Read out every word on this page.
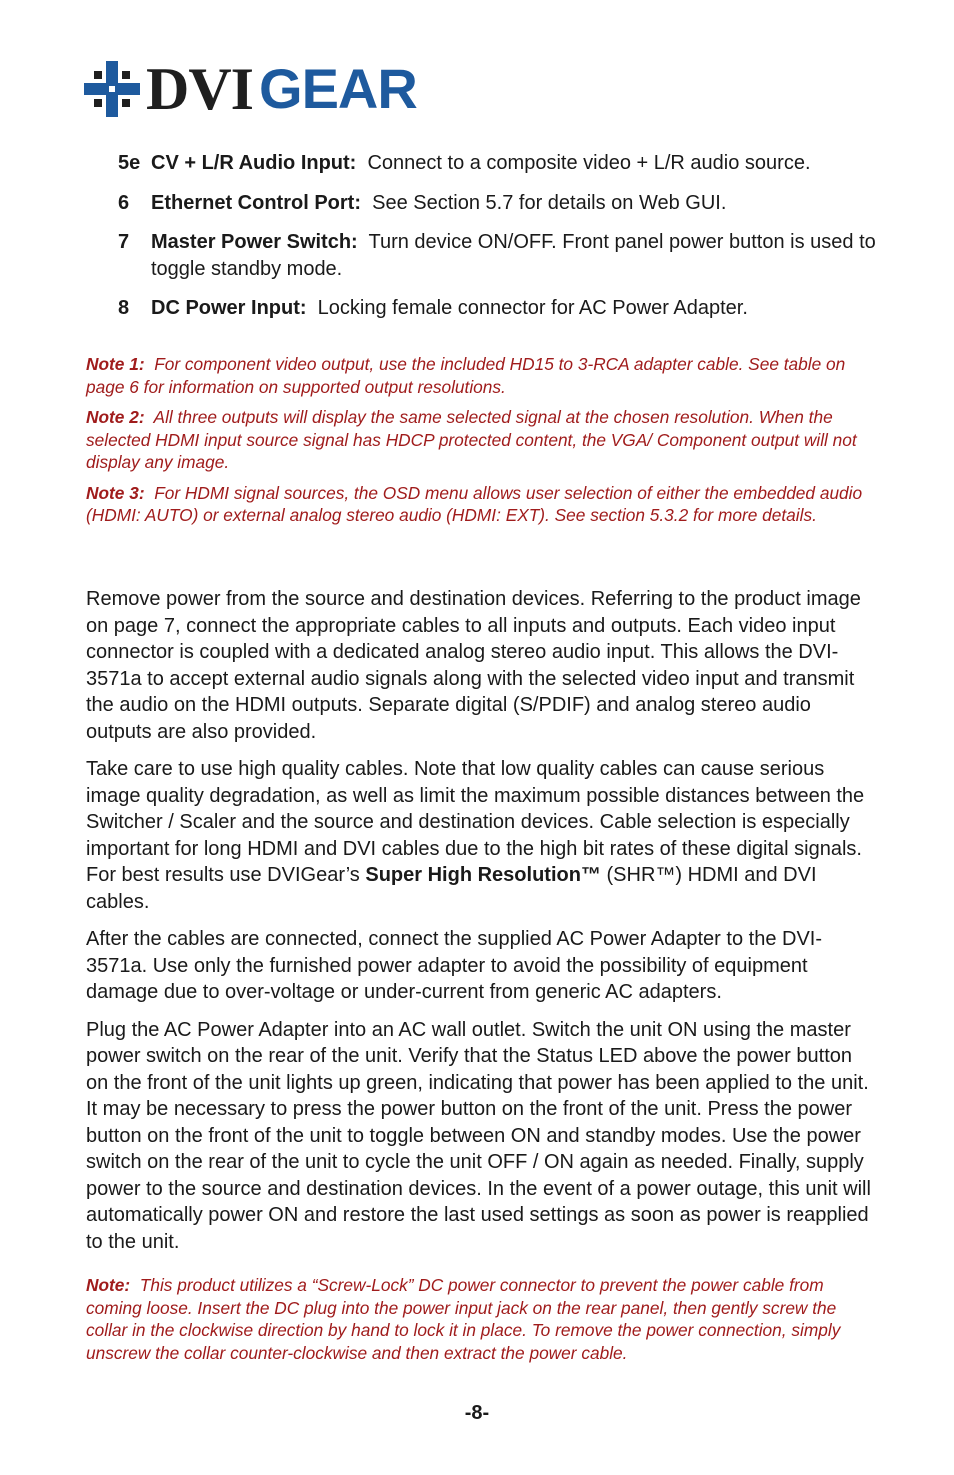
DVI GEAR
5e CV + L/R Audio Input: Connect to a composite video + L/R audio source.
6	Ethernet Control Port: See Section 5.7 for details on Web GUI.
7	Master Power Switch: Turn device ON/OFF. Front panel power button is used to toggle standby mode.
8	DC Power Input: Locking female connector for AC Power Adapter.
Note 1: For component video output, use the included HD15 to 3-RCA adapter cable. See table on page 6 for information on supported output resolutions.
Note 2: All three outputs will display the same selected signal at the chosen resolution. When the selected HDMI input source signal has HDCP protected content, the VGA/ Component output will not display any image.
Note 3: For HDMI signal sources, the OSD menu allows user selection of either the embedded audio (HDMI: AUTO) or external analog stereo audio (HDMI: EXT). See section 5.3.2 for more details.

Remove power from the source and destination devices. Referring to the product image on page 7, connect the appropriate cables to all inputs and outputs. Each video input connector is coupled with a dedicated analog stereo audio input. This allows the DVI-3571a to accept external audio signals along with the selected video input and transmit the audio on the HDMI outputs. Separate digital (S/PDIF) and analog stereo audio outputs are also provided.

Take care to use high quality cables. Note that low quality cables can cause serious image quality degradation, as well as limit the maximum possible distances between the Switcher / Scaler and the source and destination devices. Cable selection is especially important for long HDMI and DVI cables due to the high bit rates of these digital signals. For best results use DVIGear’s Super High Resolution™ (SHR™) HDMI and DVI cables.

After the cables are connected, connect the supplied AC Power Adapter to the DVI-3571a. Use only the furnished power adapter to avoid the possibility of equipment damage due to over-voltage or under-current from generic AC adapters.

Plug the AC Power Adapter into an AC wall outlet. Switch the unit ON using the master power switch on the rear of the unit. Verify that the Status LED above the power button on the front of the unit lights up green, indicating that power has been applied to the unit. It may be necessary to press the power button on the front of the unit. Press the power button on the front of the unit to toggle between ON and standby modes. Use the power switch on the rear of the unit to cycle the unit OFF / ON again as needed. Finally, supply power to the source and destination devices. In the event of a power outage, this unit will automatically power ON and restore the last used settings as soon as power is reapplied to the unit.

Note: This product utilizes a “Screw-Lock” DC power connector to prevent the power cable from coming loose. Insert the DC plug into the power input jack on the rear panel, then gently screw the collar in the clockwise direction by hand to lock it in place. To remove the power connection, simply unscrew the collar counter-clockwise and then extract the power cable.
-8-
